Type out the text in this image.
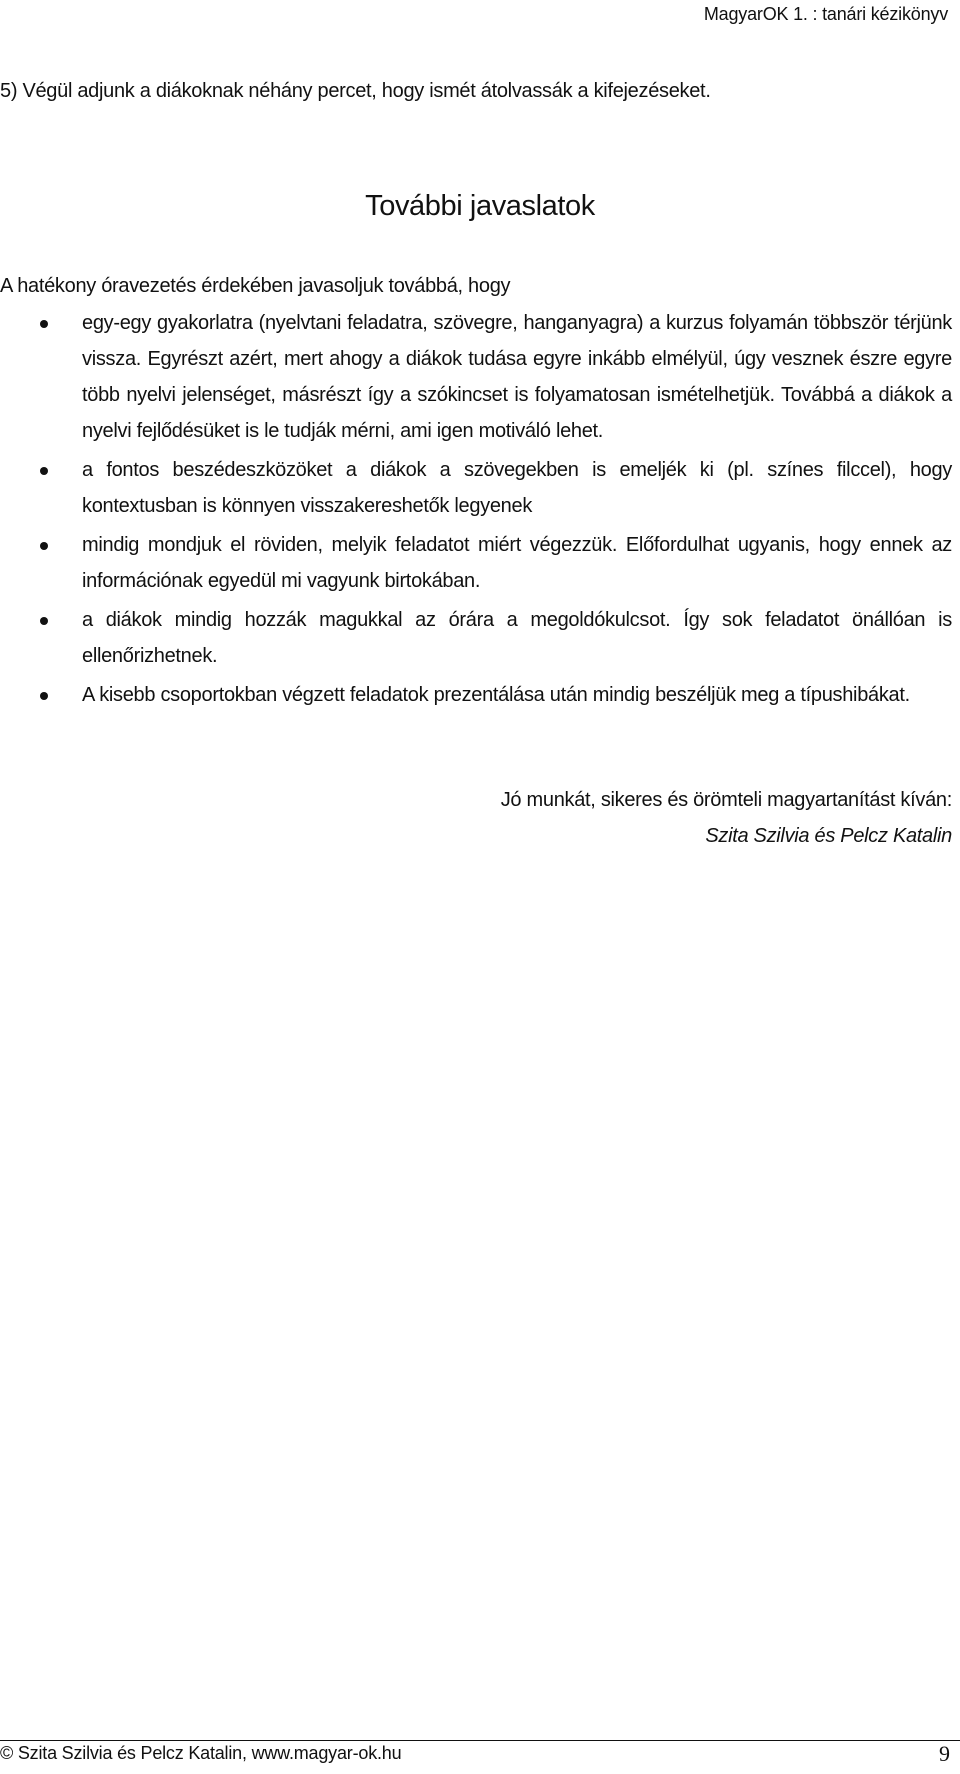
MagyarOK 1. : tanári kézikönyv
5) Végül adjunk a diákoknak néhány percet, hogy ismét átolvassák a kifejezéseket.
További javaslatok
A hatékony óravezetés érdekében javasoljuk továbbá, hogy
egy-egy gyakorlatra (nyelvtani feladatra, szövegre, hanganyagra) a kurzus folyamán többször térjünk vissza. Egyrészt azért, mert ahogy a diákok tudása egyre inkább elmélyül, úgy vesznek észre egyre több nyelvi jelenséget, másrészt így a szókincset is folyamatosan ismételhetjük. Továbbá a diákok a nyelvi fejlődésüket is le tudják mérni, ami igen motiváló lehet.
a fontos beszédeszközöket a diákok a szövegekben is emeljék ki (pl. színes filccel), hogy kontextusban is könnyen visszakereshetők legyenek
mindig mondjuk el röviden, melyik feladatot miért végezzük. Előfordulhat ugyanis, hogy ennek az információnak egyedül mi vagyunk birtokában.
a diákok mindig hozzák magukkal az órára a megoldókulcsot. Így sok feladatot önállóan is ellenőrizhetnek.
A kisebb csoportokban végzett feladatok prezentálása után mindig beszéljük meg a típushibákat.
Jó munkát, sikeres és örömteli magyartanítást kíván:
Szita Szilvia és Pelcz Katalin
© Szita Szilvia és Pelcz Katalin, www.magyar-ok.hu	9
